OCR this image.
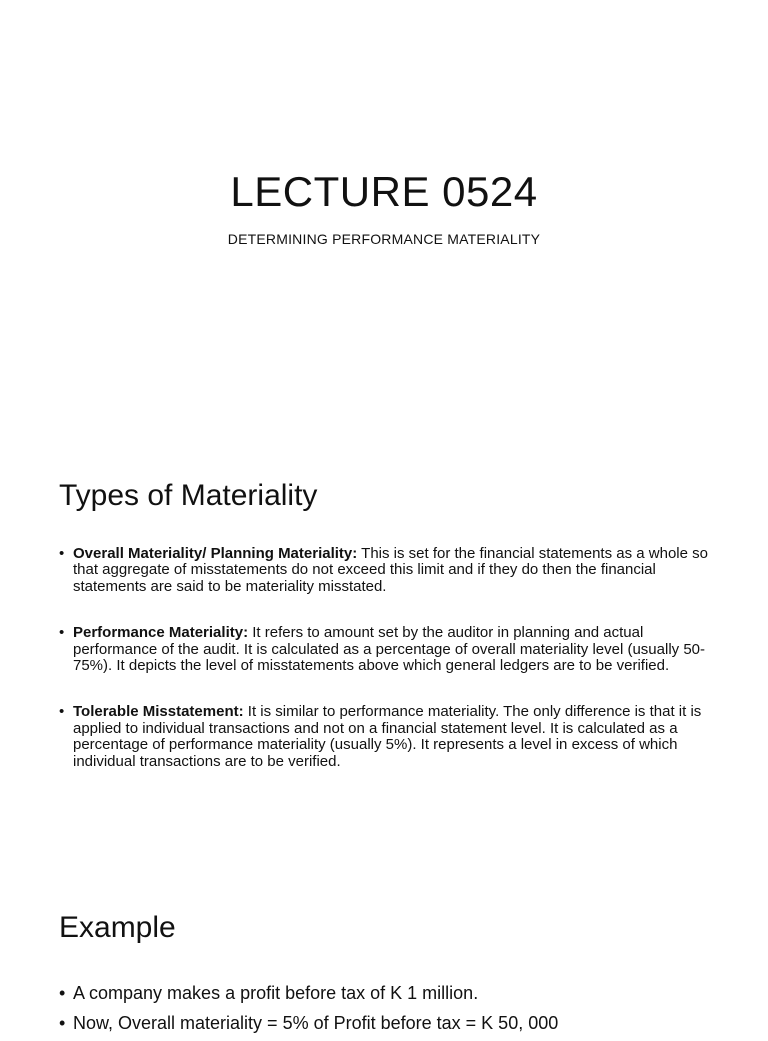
LECTURE 0524
DETERMINING PERFORMANCE MATERIALITY
Types of Materiality
• Overall Materiality/ Planning Materiality: This is set for the financial statements as a whole so that aggregate of misstatements do not exceed this limit and if they do then the financial statements are said to be materiality misstated.
• Performance Materiality: It refers to amount set by the auditor in planning and actual performance of the audit. It is calculated as a percentage of overall materiality level (usually 50-75%). It depicts the level of misstatements above which general ledgers are to be verified.
• Tolerable Misstatement: It is similar to performance materiality. The only difference is that it is applied to individual transactions and not on a financial statement level. It is calculated as a percentage of performance materiality (usually 5%). It represents a level in excess of which individual transactions are to be verified.
Example
• A company makes a profit before tax of K 1 million.
• Now, Overall materiality = 5% of Profit before tax = K 50, 000
